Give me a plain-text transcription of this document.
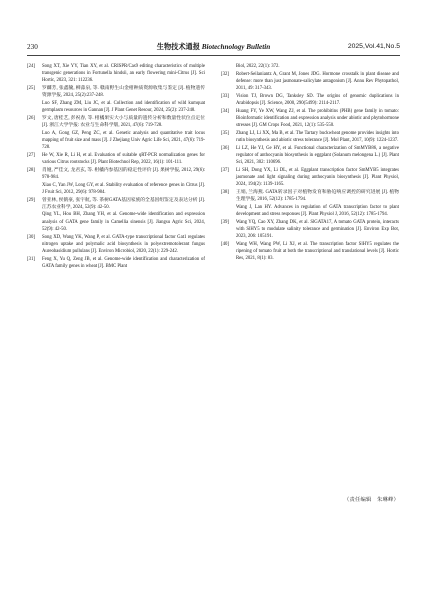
230	生物技术通报 Biotechnology Bulletin	2025,Vol.41,No.5
[24] Song XT, Xie YY, Tian XY, et al. CRISPR/Cas9 editing characteristics of multiple transgenic generations in Fortunella hindsii, an early flowering mini-Citrus [J]. Sci Hortic, 2023, 321: 112236.
[25] 罗麟芳, 张鑫毓, 柳淼泉, 等. 赣南野生山金柑种质资源收集与鉴定 [J]. 植物遗传资源学报, 2024, 25(2):237-248.
Luo SF, Zhang ZM, Liu JC, et al. Collection and identification of wild kumquat germplasm resources in Gannan [J]. J Plant Genet Resour, 2024, 25(2): 237-248.
[26] 罗文, 唐桂艺, 彭祝春, 等. 柑橘果实大小与质量的遗传分析和数量性状位点定位 [J]. 浙江大学学报: 农业与生命科学版, 2021, 47(6): 719-728.
Luo A, Gong GZ, Peng ZC, et al. Genetic analysis and quantitative trait locus mapping of fruit size and mass [J]. J Zhejiang Univ Agric Life Sci, 2021, 47(6): 719-728.
[27] He W, Xie R, Li H, et al. Evaluation of suitable qRT-PCR normalization genes for various Citrus rootstocks [J]. Plant Biotechnol Rep, 2022, 16(1): 101-111.
[28] 肖娅, 严佳文, 龙君玄, 等. 柑橘内参基因的稳定性评价 [J]. 果树学报, 2012, 29(6): 978-984.
Xiao C, Yan JW, Long GY, et al. Stability evaluation of reference genes in Citrus [J]. J Fruit Sci, 2012, 29(6): 978-984.
[29] 曾亚林, 侯鹤豪, 张宇航, 等. 茶树GATA基因家族的全基因组鉴定及表达分析 [J]. 江苏农业科学, 2024, 52(9): 42-50.
Qing YL, Hou BH, Zhang YH, et al. Genome-wide identification and expression analysis of GATA gene family in Camellia sinensis [J]. Jiangsu Agric Sci, 2024, 52(9): 42-50.
[30] Song XD, Wang YK, Wang P, et al. GATA-type transcriptional factor Gat1 regulates nitrogen uptake and polymalic acid biosynthesis in polyextremotolerant fungus Aureobasidium pullulans [J]. Environ Microbiol, 2020, 22(1): 229-242.
[31] Feng X, Yu Q, Zeng JB, et al. Genome-wide identification and characterization of GATA family genes in wheat [J]. BMC Plant
Biol, 2022, 22(1): 372.
[32] Robert-Seilaniantz A, Grant M, Jones JDG. Hormone crosstalk in plant disease and defense: more than just jasmonate-salicylate antagonism [J]. Annu Rev Phytopathol, 2011, 49: 317-343.
[33] Vision TJ, Brown DG, Tanksley SD. The origins of genomic duplications in Arabidopsis [J]. Science, 2000, 290(5499): 2114-2117.
[34] Huang FY, Ye XW, Wang ZJ, et al. The prohibitins (PHB) gene family in tomato: Bioinformatic identification and expression analysis under abiotic and phytohormone stresses [J]. GM Crops Food, 2021, 12(1): 535-550.
[35] Zhang LJ, Li XX, Ma B, et al. The Tartary buckwheat genome provides insights into rutin biosynthesis and abiotic stress tolerance [J]. Mol Plant, 2017, 10(9): 1224-1237.
[36] Li LZ, He YJ, Ge HY, et al. Functional characterization of SmMYB86, a negative regulator of anthocyanin biosynthesis in eggplant (Solanum melongena L.) [J]. Plant Sci, 2021, 302: 110696.
[37] Li SH, Dong YX, Li DL, et al. Eggplant transcription factor SmMYB5 integrates jasmonate and light signaling during anthocyanin biosynthesis [J]. Plant Physiol, 2024, 194(2): 1139-1165.
[38] 王娟, 兰海燕. GATA转录因子对植物发育和胁迫响应调控的研究进展 [J]. 植物生理学报, 2016, 52(12): 1785-1794.
Wang J, Lan HY. Advances in regulation of GATA transcription factor to plant development and stress responses [J]. Plant Physiol J, 2016, 52(12): 1785-1794.
[39] Wang YQ, Cao XY, Zhang DK, et al. SlGATA17, A tomato GATA protein, interacts with SlHY5 to modulate salinity tolerance and germination [J]. Environ Exp Bot, 2023, 206: 105191.
[40] Wang WH, Wang PW, Li XJ, et al. The transcription factor SlHY5 regulates the ripening of tomato fruit at both the transcriptional and translational levels [J]. Hortic Res, 2021, 8(1): 83.
（责任编辑　朱琳峰）
